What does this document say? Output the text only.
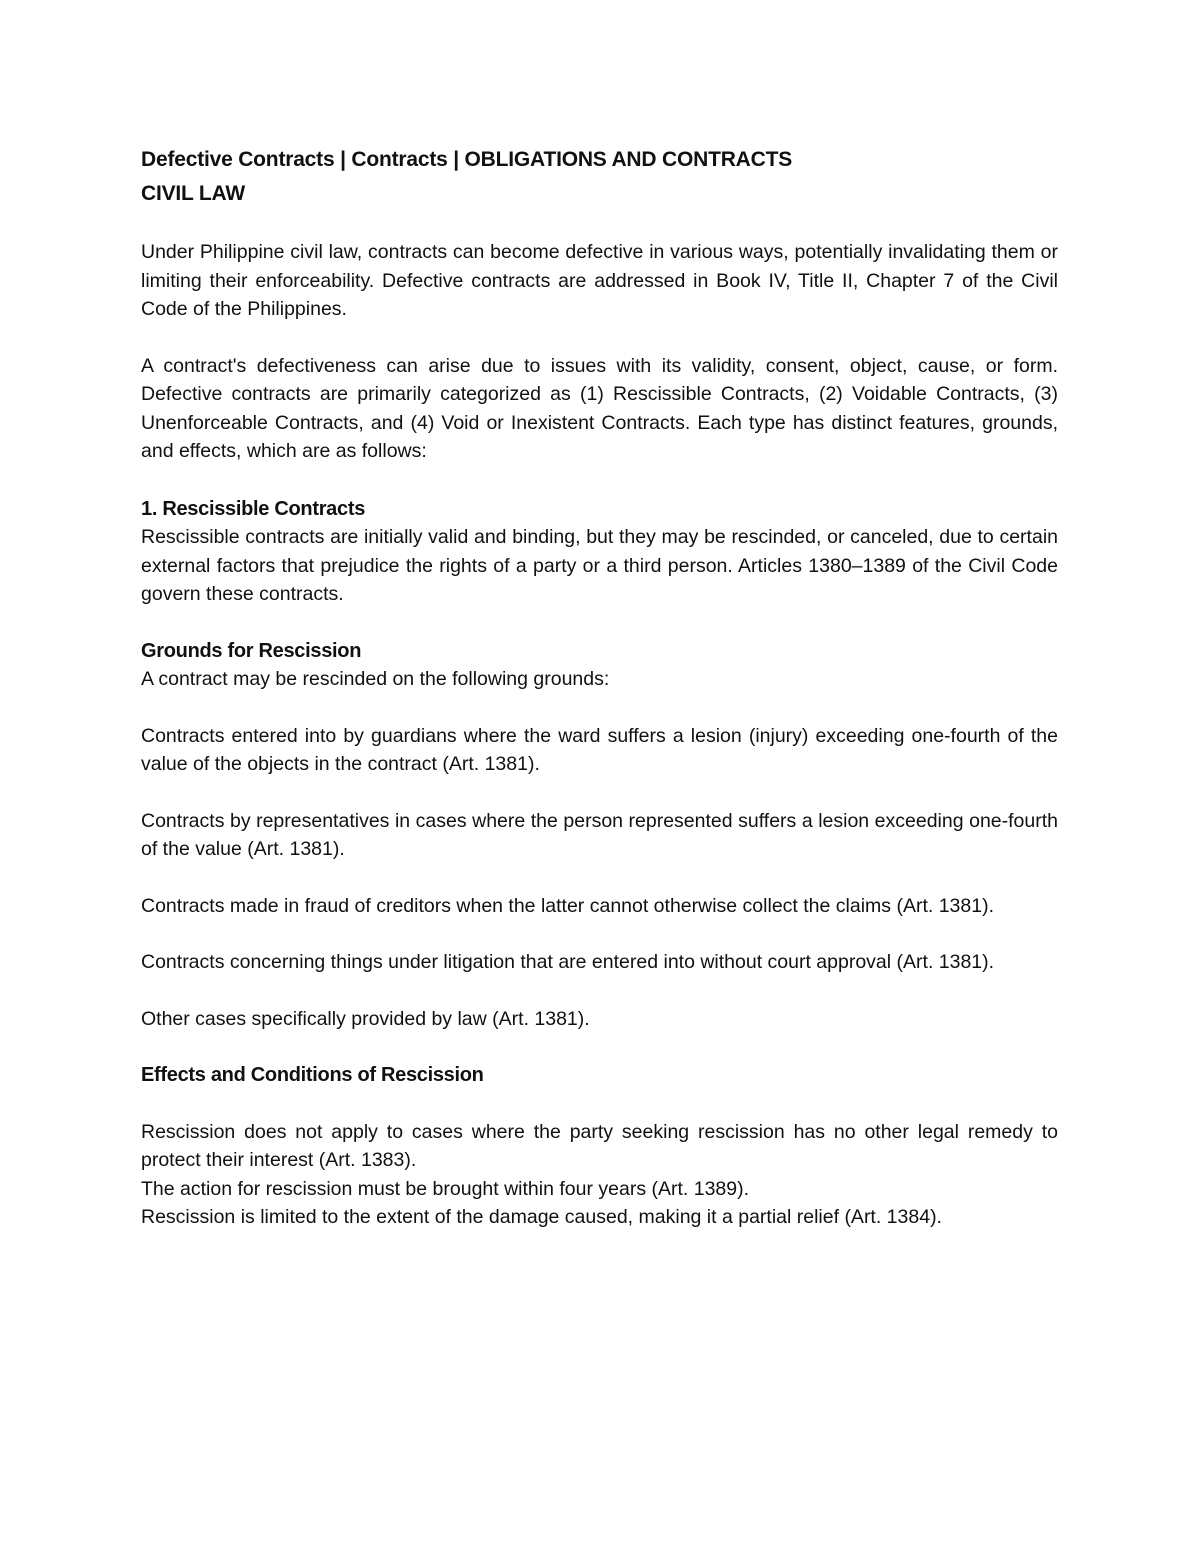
Defective Contracts | Contracts | OBLIGATIONS AND CONTRACTS

CIVIL LAW

Under Philippine civil law, contracts can become defective in various ways, potentially invalidating them or limiting their enforceability. Defective contracts are addressed in Book IV, Title II, Chapter 7 of the Civil Code of the Philippines.

A contract's defectiveness can arise due to issues with its validity, consent, object, cause, or form. Defective contracts are primarily categorized as (1) Rescissible Contracts, (2) Voidable Contracts, (3) Unenforceable Contracts, and (4) Void or Inexistent Contracts. Each type has distinct features, grounds, and effects, which are as follows:

1. Rescissible Contracts

Rescissible contracts are initially valid and binding, but they may be rescinded, or canceled, due to certain external factors that prejudice the rights of a party or a third person. Articles 1380–1389 of the Civil Code govern these contracts.

Grounds for Rescission

A contract may be rescinded on the following grounds:

Contracts entered into by guardians where the ward suffers a lesion (injury) exceeding one-fourth of the value of the objects in the contract (Art. 1381).

Contracts by representatives in cases where the person represented suffers a lesion exceeding one-fourth of the value (Art. 1381).

Contracts made in fraud of creditors when the latter cannot otherwise collect the claims (Art. 1381).

Contracts concerning things under litigation that are entered into without court approval (Art. 1381).

Other cases specifically provided by law (Art. 1381).

Effects and Conditions of Rescission

Rescission does not apply to cases where the party seeking rescission has no other legal remedy to protect their interest (Art. 1383).

The action for rescission must be brought within four years (Art. 1389).

Rescission is limited to the extent of the damage caused, making it a partial relief (Art. 1384).
